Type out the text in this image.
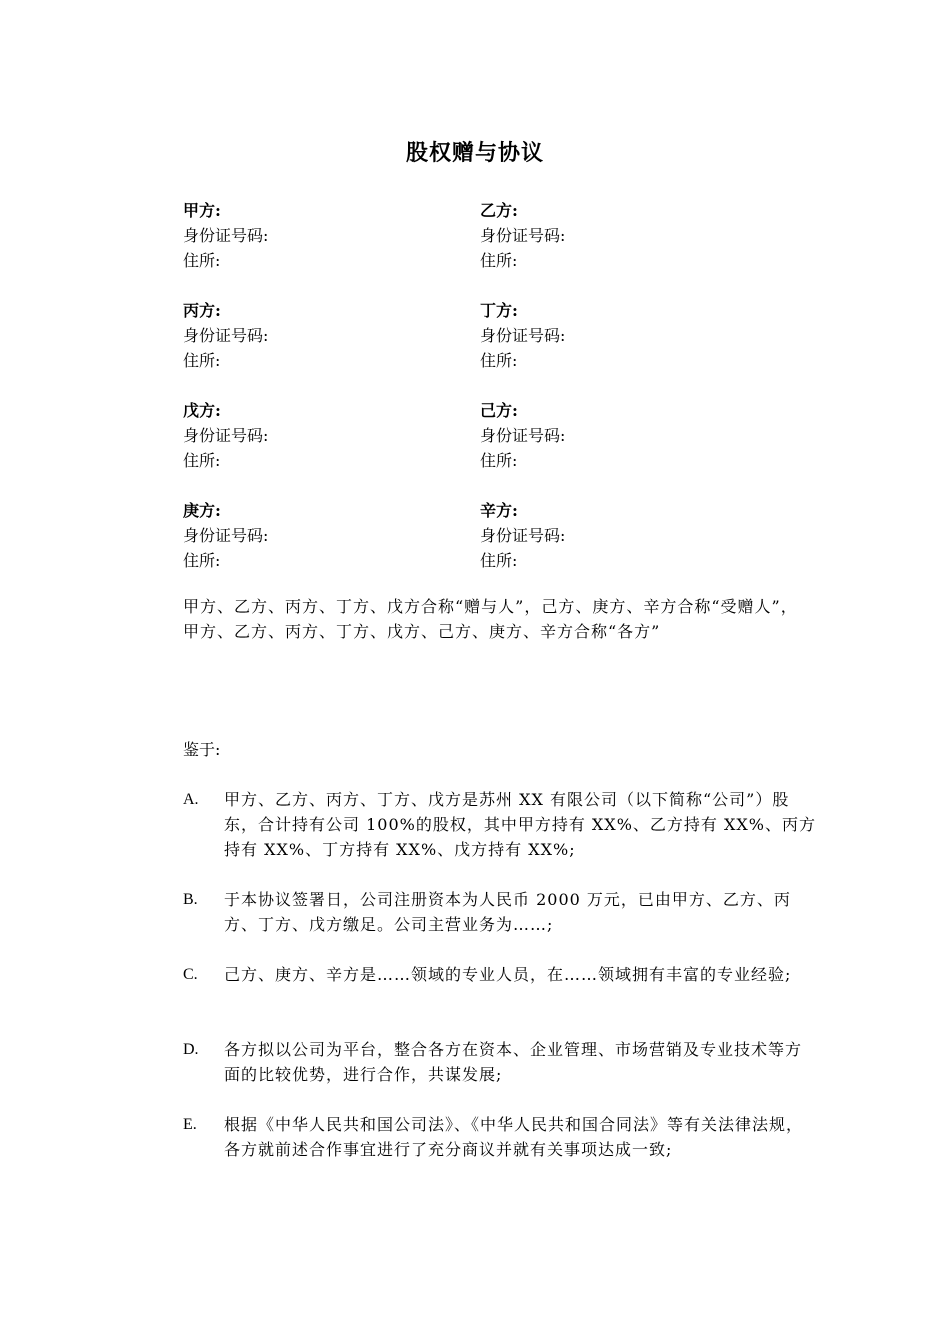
股权赠与协议
甲方:
身份证号码:
住所:
乙方:
身份证号码:
住所:
丙方:
身份证号码:
住所:
丁方:
身份证号码:
住所:
戊方:
身份证号码:
住所:
己方:
身份证号码:
住所:
庚方:
身份证号码:
住所:
辛方:
身份证号码:
住所:
甲方、乙方、丙方、丁方、戊方合称“赠与人”，己方、庚方、辛方合称“受赠人”，甲方、乙方、丙方、丁方、戊方、己方、庚方、辛方合称“各方”
鉴于:
A.	甲方、乙方、丙方、丁方、戊方是苏州 XX 有限公司（以下简称“公司”）股东，合计持有公司 100%的股权，其中甲方持有 XX%、乙方持有 XX%、丙方持有 XX%、丁方持有 XX%、戊方持有 XX%;
B.	于本协议签署日，公司注册资本为人民币 2000 万元，已由甲方、乙方、丙方、丁方、戊方缴足。公司主营业务为……;
C.	己方、庚方、辛方是……领域的专业人员，在……领域拥有丰富的专业经验;
D.	各方拟以公司为平台，整合各方在资本、企业管理、市场营销及专业技术等方面的比较优势，进行合作，共谋发展;
E.	根据《中华人民共和国公司法》、《中华人民共和国合同法》等有关法律法规，各方就前述合作事宜进行了充分商议并就有关事项达成一致;
